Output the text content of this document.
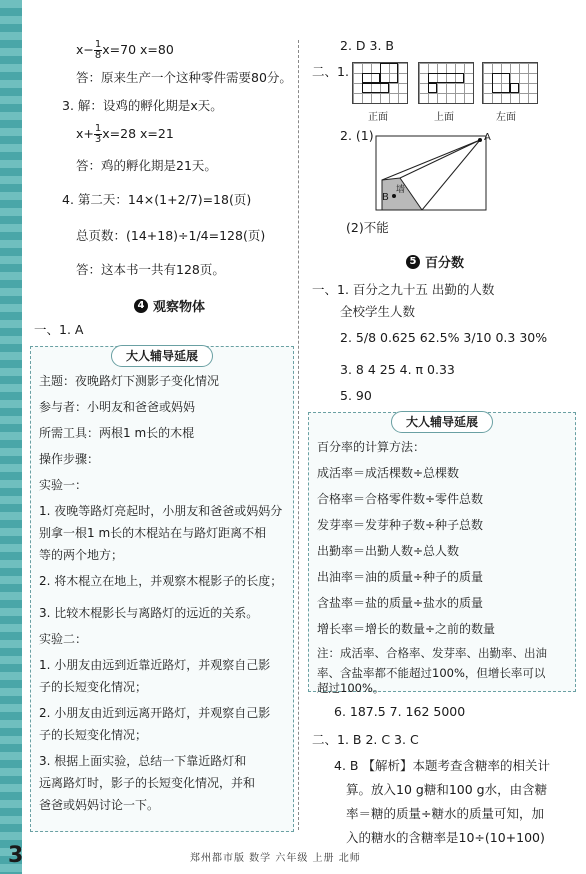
$x- \frac{1}{8} x=70$ x=80
答：原来生产一个这种零件需要80分。
3. 解：设鸡的孵化期是x天。
$x+ \frac{1}{3} x=28$ x=21
答：鸡的孵化期是21天。
4. 第二天：14×(1+2/7)=18(页)
总页数：(14+18)÷1/4=128(页)
答：这本书一共有128页。
4 观察物体
一、1. A
大人辅导延展
主题：夜晚路灯下测影子变化情况
参与者：小明友和爸爸或妈妈
所需工具：两根1 m长的木棍
操作步骤：
实验一：
1. 夜晚等路灯亮起时，小朋友和爸爸或妈妈分
别拿一根1 m长的木棍站在与路灯距离不相
等的两个地方；
2. 将木棍立在地上，并观察木棍影子的长度；
3. 比较木棍影长与离路灯的远近的关系。
实验二：
1. 小朋友由远到近靠近路灯，并观察自己影
子的长短变化情况；
2. 小朋友由近到远离开路灯，并观察自己影
子的长短变化情况；
3. 根据上面实验，总结一下靠近路灯和
远离路灯时，影子的长短变化情况，并和
爸爸或妈妈讨论一下。
2. D 3. B
二、1.
正面	上面	左面
2. (1)	A
B
墙
(2)不能
5 百分数
一、1. 百分之九十五 出勤的人数
全校学生人数
2. 5/8 0.625 62.5% 3/10 0.3 30%
3. 8 4 25 4. π 0.33
5. 90
大人辅导延展
百分率的计算方法：
成活率＝成活棵数÷总棵数
合格率＝合格零件数÷零件总数
发芽率＝发芽种子数÷种子总数
出勤率＝出勤人数÷总人数
出油率＝油的质量÷种子的质量
含盐率＝盐的质量÷盐水的质量
增长率＝增长的数量÷之前的数量
注：成活率、合格率、发芽率、出勤率、出油
率、含盐率都不能超过100%，但增长率可以
超过100%。
6. 187.5 7. 162 5000
二、1. B 2. C 3. C
4. B 【解析】本题考查含糖率的相关计
算。放入10 g糖和100 g水，由含糖
率＝糖的质量÷糖水的质量可知，加
入的糖水的含糖率是10÷(10+100)
3	郑州都市版 数学 六年级 上册 北师
